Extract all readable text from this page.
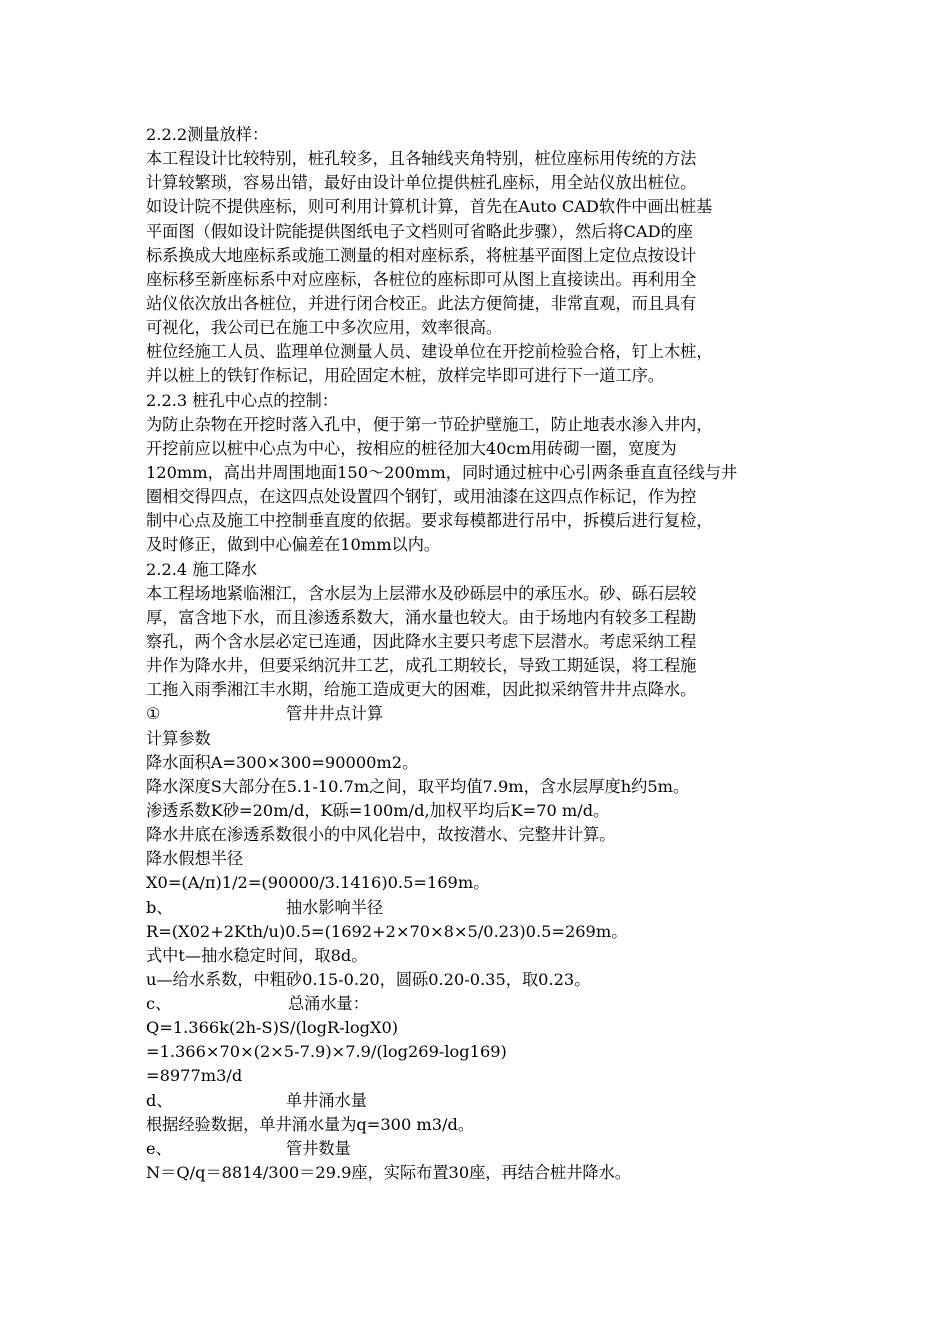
2.2.2测量放样：
本工程设计比较特别，桩孔较多，且各轴线夹角特别，桩位座标用传统的方法
计算较繁琐，容易出错，最好由设计单位提供桩孔座标，用全站仪放出桩位。
如设计院不提供座标，则可利用计算机计算，首先在Auto CAD软件中画出桩基
平面图（假如设计院能提供图纸电子文档则可省略此步骤），然后将CAD的座
标系换成大地座标系或施工测量的相对座标系，将桩基平面图上定位点按设计
座标移至新座标系中对应座标，各桩位的座标即可从图上直接读出。再利用全
站仪依次放出各桩位，并进行闭合校正。此法方便简捷，非常直观，而且具有
可视化，我公司已在施工中多次应用，效率很高。
桩位经施工人员、监理单位测量人员、建设单位在开挖前检验合格，钉上木桩，
并以桩上的铁钉作标记，用砼固定木桩，放样完毕即可进行下一道工序。
2.2.3 桩孔中心点的控制：
为防止杂物在开挖时落入孔中，便于第一节砼护壁施工，防止地表水渗入井内，
开挖前应以桩中心点为中心，按相应的桩径加大40cm用砖砌一圈，宽度为
120mm，高出井周围地面150～200mm，同时通过桩中心引两条垂直直径线与井
圈相交得四点，在这四点处设置四个钢钉，或用油漆在这四点作标记，作为控
制中心点及施工中控制垂直度的依据。要求每模都进行吊中，拆模后进行复检，
及时修正，做到中心偏差在10mm以内。
2.2.4 施工降水
本工程场地紧临湘江，含水层为上层滞水及砂砾层中的承压水。砂、砾石层较
厚，富含地下水，而且渗透系数大，涌水量也较大。由于场地内有较多工程勘
察孔，两个含水层必定已连通，因此降水主要只考虑下层潜水。考虑采纳工程
井作为降水井，但要采纳沉井工艺，成孔工期较长，导致工期延误，将工程施
工拖入雨季湘江丰水期，给施工造成更大的困难，因此拟采纳管井井点降水。
①	管井井点计算
计算参数
降水面积A=300×300=90000m2。
降水深度S大部分在5.1-10.7m之间，取平均值7.9m，含水层厚度h约5m。
渗透系数K砂=20m/d，K砾=100m/d,加权平均后K=70 m/d。
降水井底在渗透系数很小的中风化岩中，故按潜水、完整井计算。
降水假想半径
X0=(A/π)1/2=(90000/3.1416)0.5=169m。
b、	抽水影响半径
R=(X02+2Kth/u)0.5=(1692+2×70×8×5/0.23)0.5=269m。
式中t—抽水稳定时间，取8d。
u—给水系数，中粗砂0.15-0.20，圆砾0.20-0.35，取0.23。
c、	总涌水量：
Q=1.366k(2h-S)S/(logR-logX0)
=1.366×70×(2×5-7.9)×7.9/(log269-log169)
=8977m3/d
d、	单井涌水量
根据经验数据，单井涌水量为q=300 m3/d。
e、	管井数量
N＝Q/q＝8814/300＝29.9座，实际布置30座，再结合桩井降水。
